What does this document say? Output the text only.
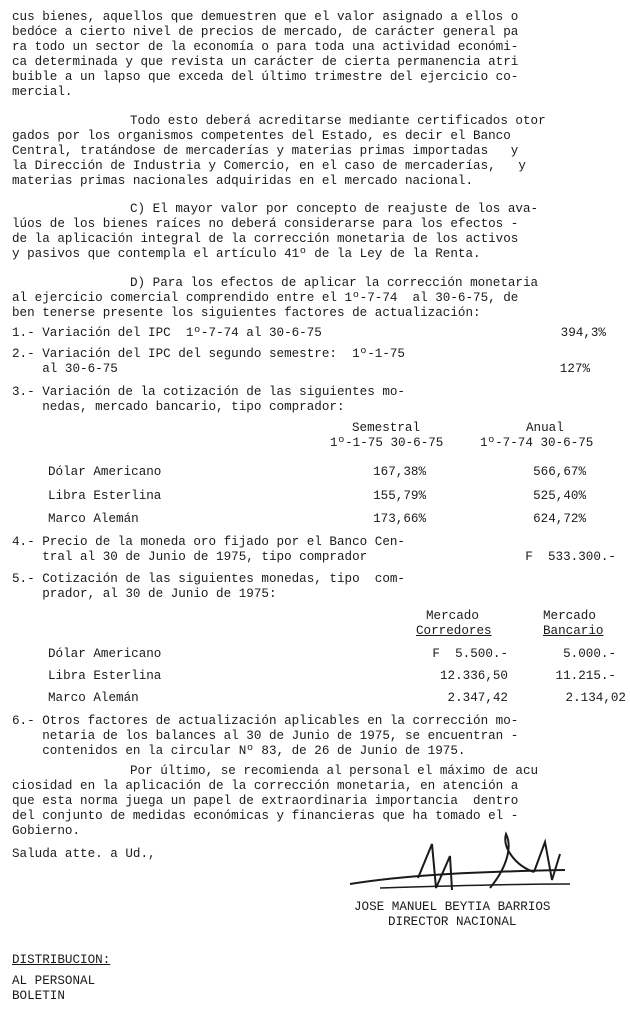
cus bienes, aquellos que demuestren que el valor asignado a ellos o
bedóce a cierto nivel de precios de mercado, de carácter general pa
ra todo un sector de la economía o para toda una actividad económi-
ca determinada y que revista un carácter de cierta permanencia atri
buible a un lapso que exceda del último trimestre del ejercicio co-
mercial.
Todo esto deberá acreditarse mediante certificados otor
gados por los organismos competentes del Estado, es decir el Banco
Central, tratándose de mercaderías y materias primas importadas   y
la Dirección de Industria y Comercio, en el caso de mercaderías,   y
materias primas nacionales adquiridas en el mercado nacional.
C) El mayor valor por concepto de reajuste de los ava-
lúos de los bienes raíces no deberá considerarse para los efectos -
de la aplicación integral de la corrección monetaria de los activos
y pasivos que contempla el artículo 41º de la Ley de la Renta.
D) Para los efectos de aplicar la corrección monetaria
al ejercicio comercial comprendido entre el 1º-7-74  al 30-6-75, de
ben tenerse presente los siguientes factores de actualización:
1.- Variación del IPC  1º-7-74 al 30-6-75	394,3%
2.- Variación del IPC del segundo semestre:  1º-1-75
al 30-6-75	127%
3.- Variación de la cotización de las siguientes mo-
nedas, mercado bancario, tipo comprador:
Semestral
1º-1-75 30-6-75
Anual
1º-7-74 30-6-75
Dólar Americano	167,38%	566,67%
Libra Esterlina	155,79%	525,40%
Marco Alemán	173,66%	624,72%
4.- Precio de la moneda oro fijado por el Banco Cen-
tral al 30 de Junio de 1975, tipo comprador	F  533.300.-
5.- Cotización de las siguientes monedas, tipo  com-
prador, al 30 de Junio de 1975:
Mercado
Corredores
Mercado
Bancario
Dólar Americano	F  5.500.-	5.000.-
Libra Esterlina	12.336,50	11.215.-
Marco Alemán	2.347,42	2.134,02
6.- Otros factores de actualización aplicables en la corrección mo-
netaria de los balances al 30 de Junio de 1975, se encuentran -
contenidos en la circular Nº 83, de 26 de Junio de 1975.
Por último, se recomienda al personal el máximo de acu
ciosidad en la aplicación de la corrección monetaria, en atención a
que esta norma juega un papel de extraordinaria importancia  dentro
del conjunto de medidas económicas y financieras que ha tomado el -
Gobierno.
Saluda atte. a Ud.,
JOSE MANUEL BEYTIA BARRIOS
DIRECTOR NACIONAL
DISTRIBUCION:
AL PERSONAL
BOLETIN
